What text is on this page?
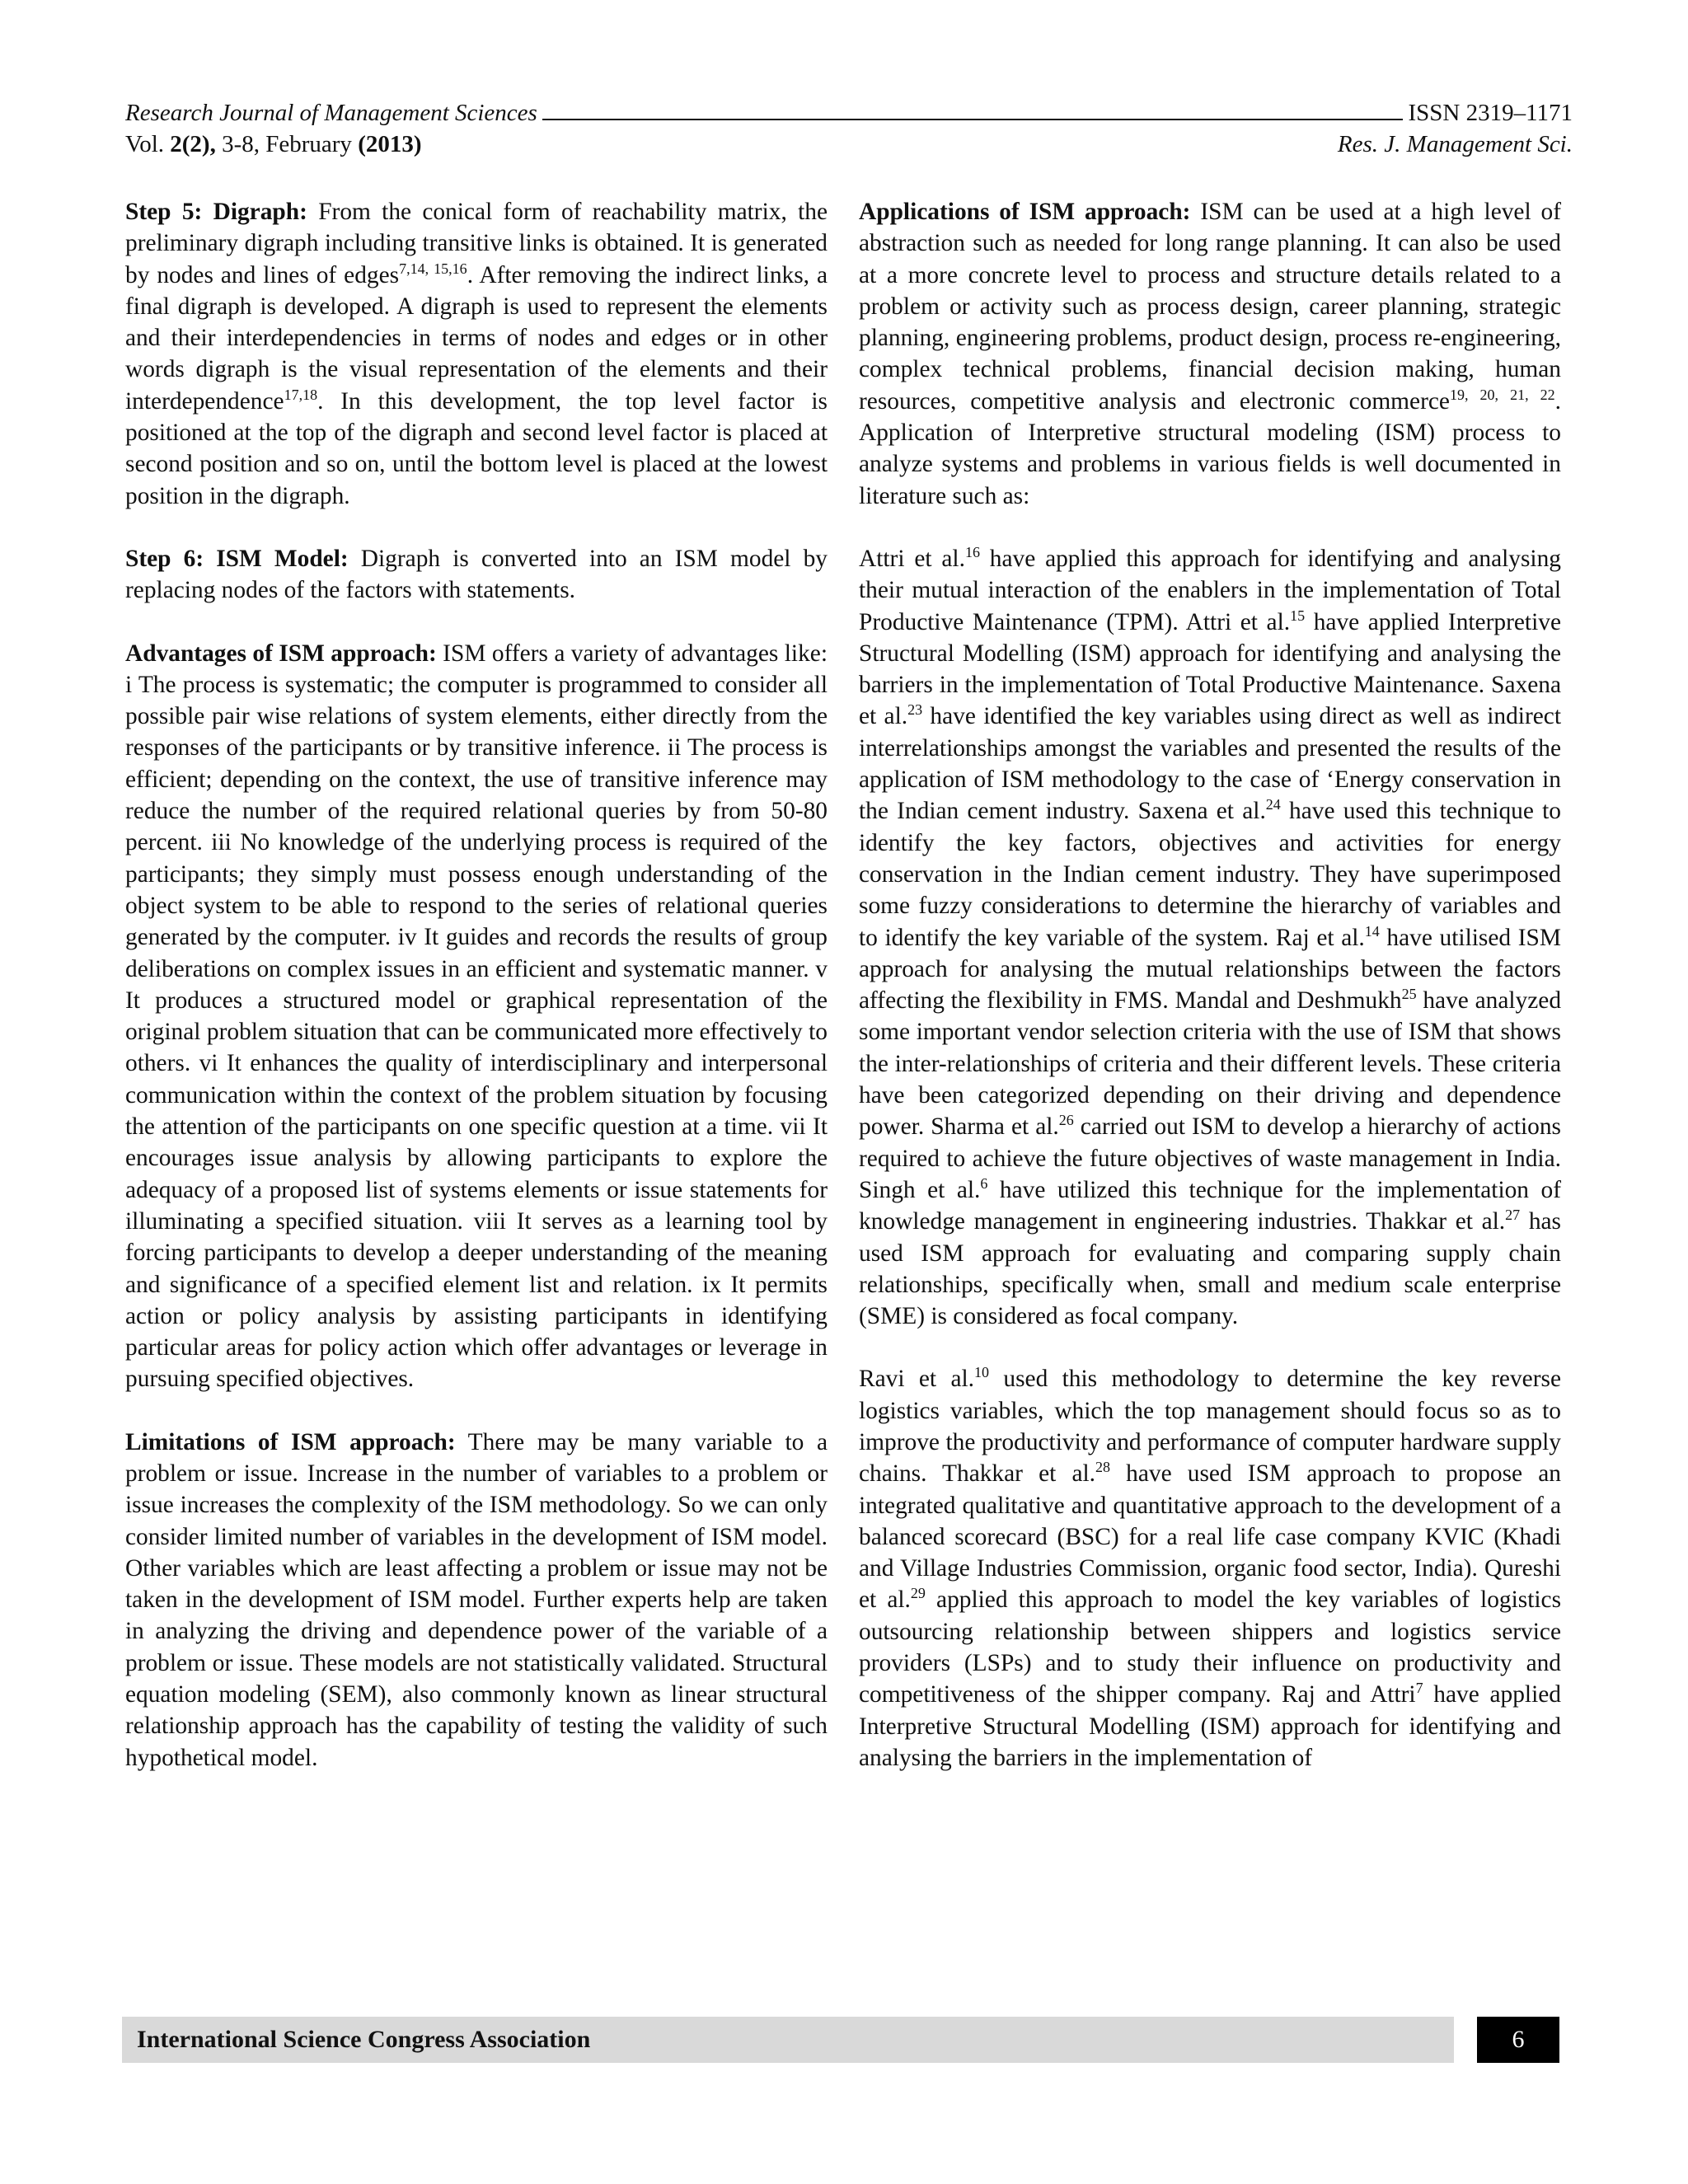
Research Journal of Management Sciences	ISSN 2319–1171
Vol. 2(2), 3-8, February (2013)	Res. J. Management Sci.

Step 5: Digraph: From the conical form of reachability matrix, the preliminary digraph including transitive links is obtained. It is generated by nodes and lines of edges$^{7,14, 15,16}$. After removing the indirect links, a final digraph is developed. A digraph is used to represent the elements and their interdependencies in terms of nodes and edges or in other words digraph is the visual representation of the elements and their interdependence$^{17,18}$. In this development, the top level factor is positioned at the top of the digraph and second level factor is placed at second position and so on, until the bottom level is placed at the lowest position in the digraph.

Step 6: ISM Model: Digraph is converted into an ISM model by replacing nodes of the factors with statements.

Advantages of ISM approach: ISM offers a variety of advantages like: i The process is systematic; the computer is programmed to consider all possible pair wise relations of system elements, either directly from the responses of the participants or by transitive inference. ii The process is efficient; depending on the context, the use of transitive inference may reduce the number of the required relational queries by from 50-80 percent. iii No knowledge of the underlying process is required of the participants; they simply must possess enough understanding of the object system to be able to respond to the series of relational queries generated by the computer. iv It guides and records the results of group deliberations on complex issues in an efficient and systematic manner. v It produces a structured model or graphical representation of the original problem situation that can be communicated more effectively to others. vi It enhances the quality of interdisciplinary and interpersonal communication within the context of the problem situation by focusing the attention of the participants on one specific question at a time. vii It encourages issue analysis by allowing participants to explore the adequacy of a proposed list of systems elements or issue statements for illuminating a specified situation. viii It serves as a learning tool by forcing participants to develop a deeper understanding of the meaning and significance of a specified element list and relation. ix It permits action or policy analysis by assisting participants in identifying particular areas for policy action which offer advantages or leverage in pursuing specified objectives.

Limitations of ISM approach: There may be many variable to a problem or issue. Increase in the number of variables to a problem or issue increases the complexity of the ISM methodology. So we can only consider limited number of variables in the development of ISM model. Other variables which are least affecting a problem or issue may not be taken in the development of ISM model. Further experts help are taken in analyzing the driving and dependence power of the variable of a problem or issue. These models are not statistically validated. Structural equation modeling (SEM), also commonly known as linear structural relationship approach has the capability of testing the validity of such hypothetical model.

Applications of ISM approach: ISM can be used at a high level of abstraction such as needed for long range planning. It can also be used at a more concrete level to process and structure details related to a problem or activity such as process design, career planning, strategic planning, engineering problems, product design, process re-engineering, complex technical problems, financial decision making, human resources, competitive analysis and electronic commerce$^{19, 20, 21, 22}$. Application of Interpretive structural modeling (ISM) process to analyze systems and problems in various fields is well documented in literature such as:

Attri et al.$^{16}$ have applied this approach for identifying and analysing their mutual interaction of the enablers in the implementation of Total Productive Maintenance (TPM). Attri et al.$^{15}$ have applied Interpretive Structural Modelling (ISM) approach for identifying and analysing the barriers in the implementation of Total Productive Maintenance. Saxena et al.$^{23}$ have identified the key variables using direct as well as indirect interrelationships amongst the variables and presented the results of the application of ISM methodology to the case of ‘Energy conservation in the Indian cement industry. Saxena et al.$^{24}$ have used this technique to identify the key factors, objectives and activities for energy conservation in the Indian cement industry. They have superimposed some fuzzy considerations to determine the hierarchy of variables and to identify the key variable of the system. Raj et al.$^{14}$ have utilised ISM approach for analysing the mutual relationships between the factors affecting the flexibility in FMS. Mandal and Deshmukh$^{25}$ have analyzed some important vendor selection criteria with the use of ISM that shows the inter-relationships of criteria and their different levels. These criteria have been categorized depending on their driving and dependence power. Sharma et al.$^{26}$ carried out ISM to develop a hierarchy of actions required to achieve the future objectives of waste management in India. Singh et al.$^6$ have utilized this technique for the implementation of knowledge management in engineering industries. Thakkar et al.$^{27}$ has used ISM approach for evaluating and comparing supply chain relationships, specifically when, small and medium scale enterprise (SME) is considered as focal company.

Ravi et al.$^{10}$ used this methodology to determine the key reverse logistics variables, which the top management should focus so as to improve the productivity and performance of computer hardware supply chains. Thakkar et al.$^{28}$ have used ISM approach to propose an integrated qualitative and quantitative approach to the development of a balanced scorecard (BSC) for a real life case company KVIC (Khadi and Village Industries Commission, organic food sector, India). Qureshi et al.$^{29}$ applied this approach to model the key variables of logistics outsourcing relationship between shippers and logistics service providers (LSPs) and to study their influence on productivity and competitiveness of the shipper company. Raj and Attri$^7$ have applied Interpretive Structural Modelling (ISM) approach for identifying and analysing the barriers in the implementation of

International Science Congress Association	6
